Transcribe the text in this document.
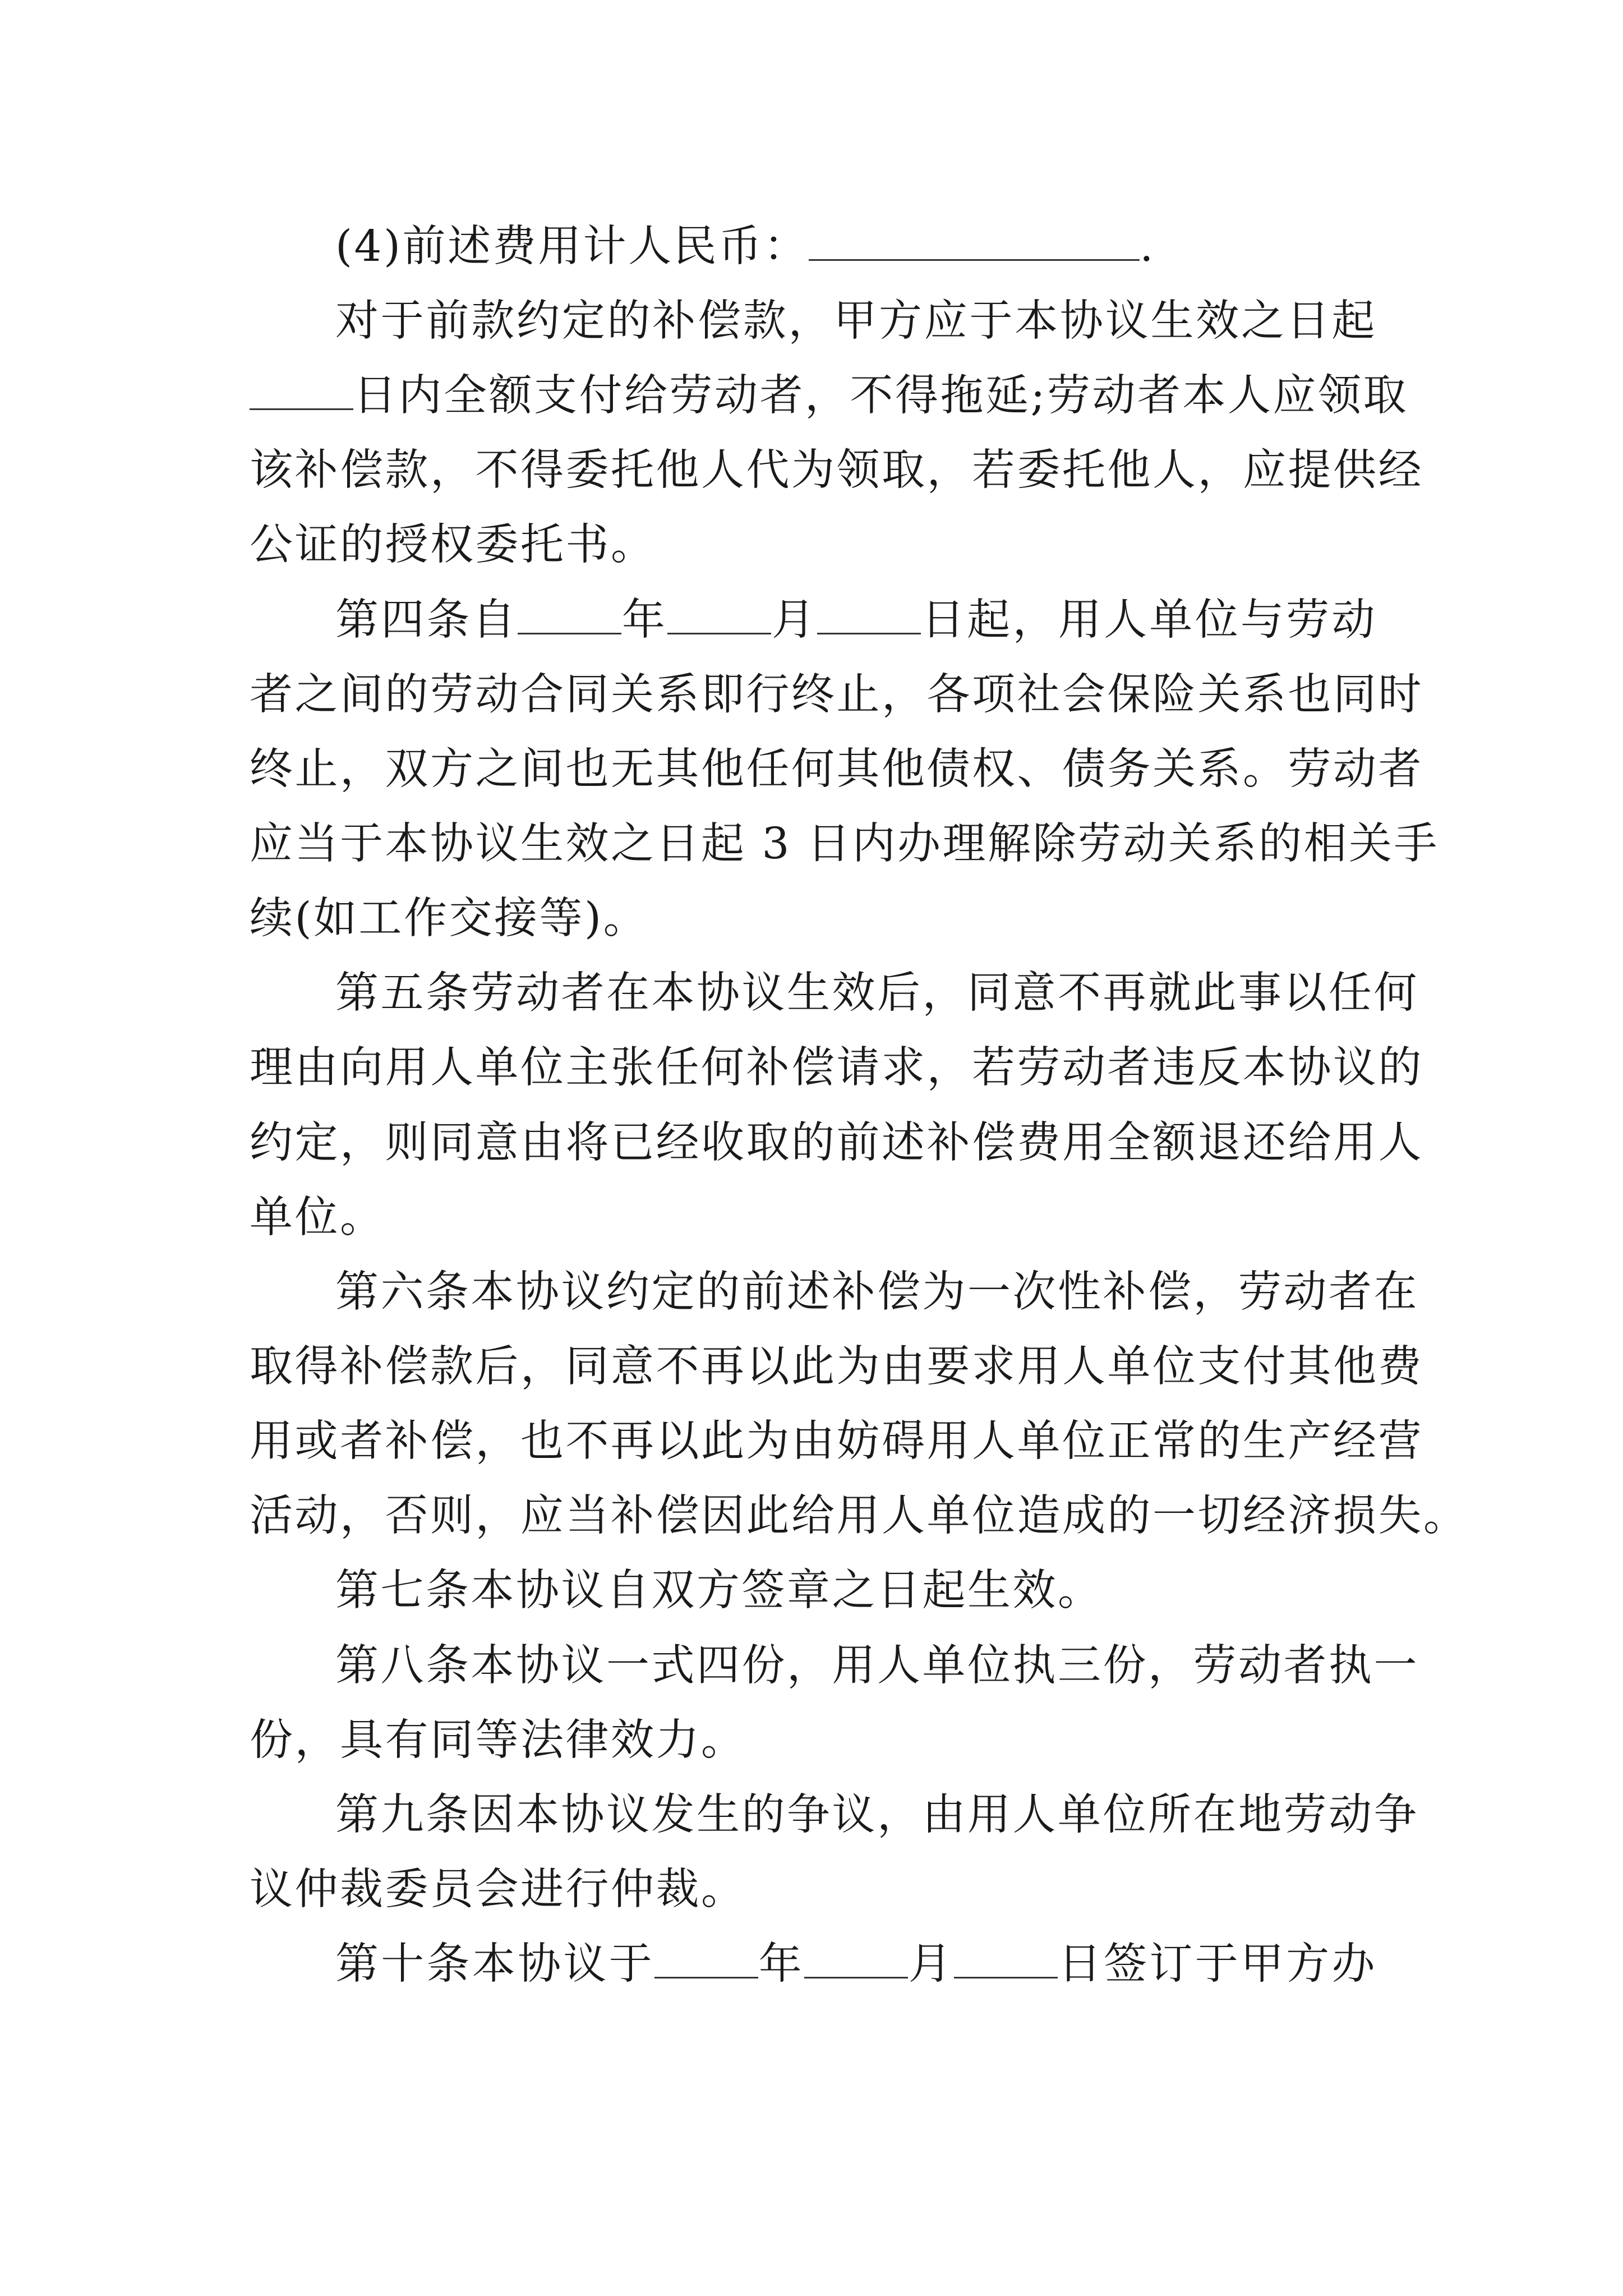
(4)前述费用计人民币：	.
对于前款约定的补偿款，甲方应于本协议生效之日起
日内全额支付给劳动者，不得拖延;劳动者本人应领取
该补偿款，不得委托他人代为领取，若委托他人，应提供经
公证的授权委托书。
第四条自 年 月 日起，用人单位与劳动
者之间的劳动合同关系即行终止，各项社会保险关系也同时
终止，双方之间也无其他任何其他债权、债务关系。劳动者
应当于本协议生效之日起 3 日内办理解除劳动关系的相关手
续(如工作交接等)。
第五条劳动者在本协议生效后，同意不再就此事以任何
理由向用人单位主张任何补偿请求，若劳动者违反本协议的
约定，则同意由将已经收取的前述补偿费用全额退还给用人
单位。
第六条本协议约定的前述补偿为一次性补偿，劳动者在
取得补偿款后，同意不再以此为由要求用人单位支付其他费
用或者补偿，也不再以此为由妨碍用人单位正常的生产经营
活动，否则，应当补偿因此给用人单位造成的一切经济损失。
第七条本协议自双方签章之日起生效。
第八条本协议一式四份，用人单位执三份，劳动者执一
份，具有同等法律效力。
第九条因本协议发生的争议，由用人单位所在地劳动争
议仲裁委员会进行仲裁。
第十条本协议于 年 月 日签订于甲方办
